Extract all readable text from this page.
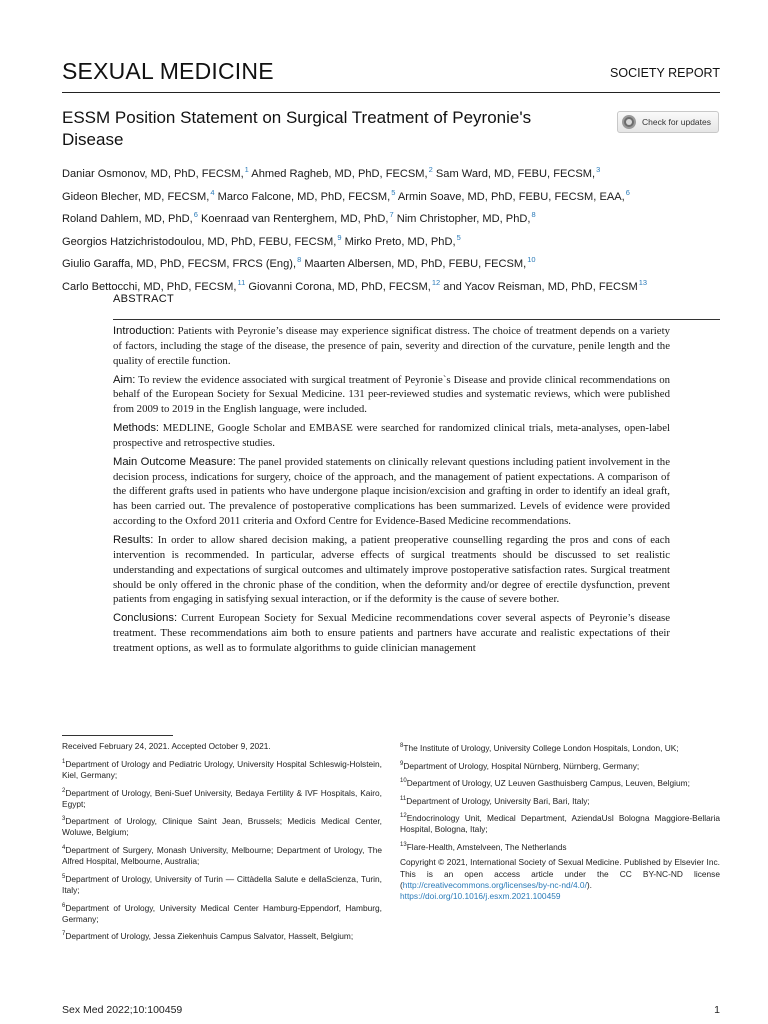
SEXUAL MEDICINE	SOCIETY REPORT
ESSM Position Statement on Surgical Treatment of Peyronie's Disease
Check for updates
Daniar Osmonov, MD, PhD, FECSM,$^1$ Ahmed Ragheb, MD, PhD, FECSM,$^2$ Sam Ward, MD, FEBU, FECSM,$^3$
Gideon Blecher, MD, FECSM,$^4$ Marco Falcone, MD, PhD, FECSM,$^5$ Armin Soave, MD, PhD, FEBU, FECSM, EAA,$^6$
Roland Dahlem, MD, PhD,$^6$ Koenraad van Renterghem, MD, PhD,$^7$ Nim Christopher, MD, PhD,$^8$
Georgios Hatzichristodoulou, MD, PhD, FEBU, FECSM,$^9$ Mirko Preto, MD, PhD,$^5$
Giulio Garaffa, MD, PhD, FECSM, FRCS (Eng),$^8$ Maarten Albersen, MD, PhD, FEBU, FECSM,$^{10}$
Carlo Bettocchi, MD, PhD, FECSM,$^{11}$ Giovanni Corona, MD, PhD, FECSM,$^{12}$ and Yacov Reisman, MD, PhD, FECSM$^{13}$
ABSTRACT

Introduction: Patients with Peyronie’s disease may experience significat distress. The choice of treatment depends on a variety of factors, including the stage of the disease, the presence of pain, severity and direction of the curvature, penile length and the quality of erectile function.

Aim: To review the evidence associated with surgical treatment of Peyronie`s Disease and provide clinical recommendations on behalf of the European Society for Sexual Medicine. 131 peer-reviewed studies and systematic reviews, which were published from 2009 to 2019 in the English language, were included.

Methods: MEDLINE, Google Scholar and EMBASE were searched for randomized clinical trials, meta-analyses, open-label prospective and retrospective studies.

Main Outcome Measure: The panel provided statements on clinically relevant questions including patient involvement in the decision process, indications for surgery, choice of the approach, and the management of patient expectations. A comparison of the different grafts used in patients who have undergone plaque incision/excision and grafting in order to identify an ideal graft, has been carried out. The prevalence of postoperative complications has been summarized. Levels of evidence were provided according to the Oxford 2011 criteria and Oxford Centre for Evidence-Based Medicine recommendations.

Results: In order to allow shared decision making, a patient preoperative counselling regarding the pros and cons of each intervention is recommended. In particular, adverse effects of surgical treatments should be discussed to set realistic understanding and expectations of surgical outcomes and ultimately improve postoperative satisfaction rates. Surgical treatment should be only offered in the chronic phase of the condition, when the deformity and/or degree of erectile dysfunction, prevent patients from engaging in satisfying sexual interaction, or if the deformity is the cause of severe bother.

Conclusions: Current European Society for Sexual Medicine recommendations cover several aspects of Peyronie’s disease treatment. These recommendations aim both to ensure patients and partners have accurate and realistic expectations of their treatment options, as well as to formulate algorithms to guide clinician management

Received February 24, 2021. Accepted October 9, 2021.
$^1$Department of Urology and Pediatric Urology, University Hospital Schleswig-Holstein, Kiel, Germany;
$^2$Department of Urology, Beni-Suef University, Bedaya Fertility & IVF Hospitals, Kairo, Egypt;
$^3$Department of Urology, Clinique Saint Jean, Brussels; Medicis Medical Center, Woluwe, Belgium;
$^4$Department of Surgery, Monash University, Melbourne; Department of Urology, The Alfred Hospital, Melbourne, Australia;
$^5$Department of Urology, University of Turin — Cittàdella Salute e dellaScienza, Turin, Italy;
$^6$Department of Urology, University Medical Center Hamburg-Eppendorf, Hamburg, Germany;
$^7$Department of Urology, Jessa Ziekenhuis Campus Salvator, Hasselt, Belgium;
$^8$The Institute of Urology, University College London Hospitals, London, UK;
$^9$Department of Urology, Hospital Nürnberg, Nürnberg, Germany;
$^{10}$Department of Urology, UZ Leuven Gasthuisberg Campus, Leuven, Belgium;
$^{11}$Department of Urology, University Bari, Bari, Italy;
$^{12}$Endocrinology Unit, Medical Department, AziendaUsl Bologna Maggiore-Bellaria Hospital, Bologna, Italy;
$^{13}$Flare-Health, Amstelveen, The Netherlands
Copyright © 2021, International Society of Sexual Medicine. Published by Elsevier Inc. This is an open access article under the CC BY-NC-ND license (http://creativecommons.org/licenses/by-nc-nd/4.0/).
https://doi.org/10.1016/j.esxm.2021.100459
Sex Med 2022;10:100459	1
